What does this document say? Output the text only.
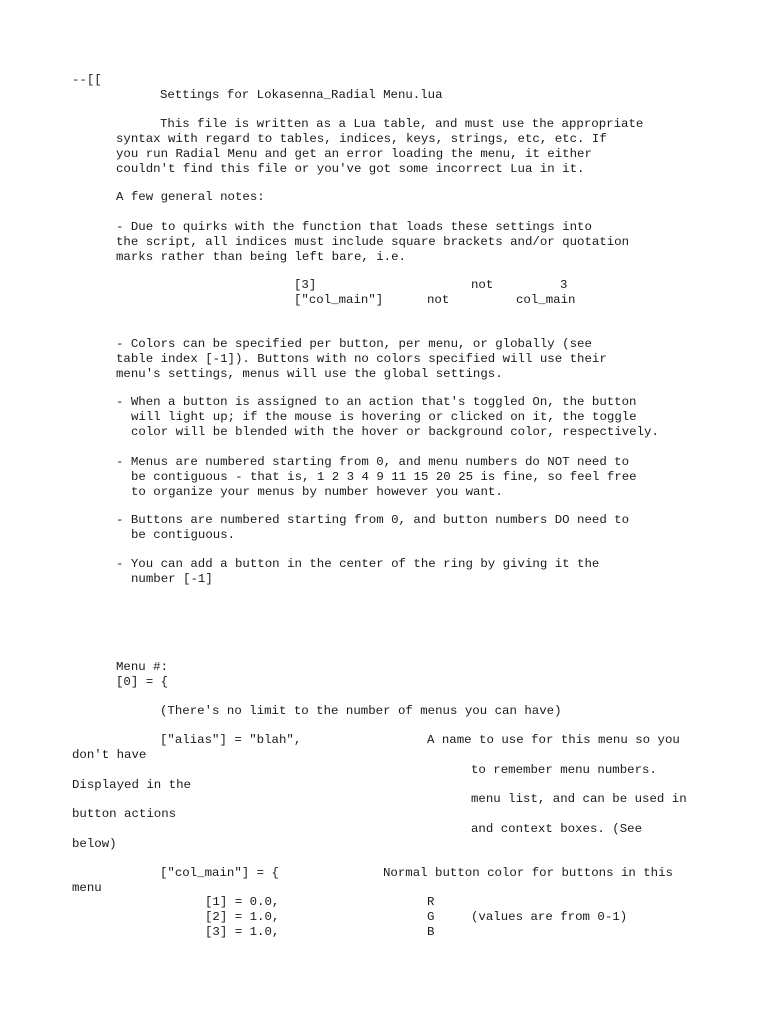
--[[
Settings for Lokasenna_Radial Menu.lua
This file is written as a Lua table, and must use the appropriate
syntax with regard to tables, indices, keys, strings, etc, etc. If
you run Radial Menu and get an error loading the menu, it either
couldn't find this file or you've got some incorrect Lua in it.
A few general notes:
- Due to quirks with the function that loads these settings into
the script, all indices must include square brackets and/or quotation
marks rather than being left bare, i.e.
[3]	not	3
["col_main"]	not	col_main
- Colors can be specified per button, per menu, or globally (see
table index [-1]). Buttons with no colors specified will use their
menu's settings, menus will use the global settings.
- When a button is assigned to an action that's toggled On, the button
will light up; if the mouse is hovering or clicked on it, the toggle
color will be blended with the hover or background color, respectively.
- Menus are numbered starting from 0, and menu numbers do NOT need to
be contiguous - that is, 1 2 3 4 9 11 15 20 25 is fine, so feel free
to organize your menus by number however you want.
- Buttons are numbered starting from 0, and button numbers DO need to
be contiguous.
- You can add a button in the center of the ring by giving it the
number [-1]
Menu #:
[0] = {
(There's no limit to the number of menus you can have)
["alias"] = "blah",	A name to use for this menu so you
don't have
to remember menu numbers.
Displayed in the
menu list, and can be used in
button actions
and context boxes. (See
below)
["col_main"] = {	Normal button color for buttons in this
menu
[1] = 0.0,	R
[2] = 1.0,	G	(values are from 0-1)
[3] = 1.0,	B
